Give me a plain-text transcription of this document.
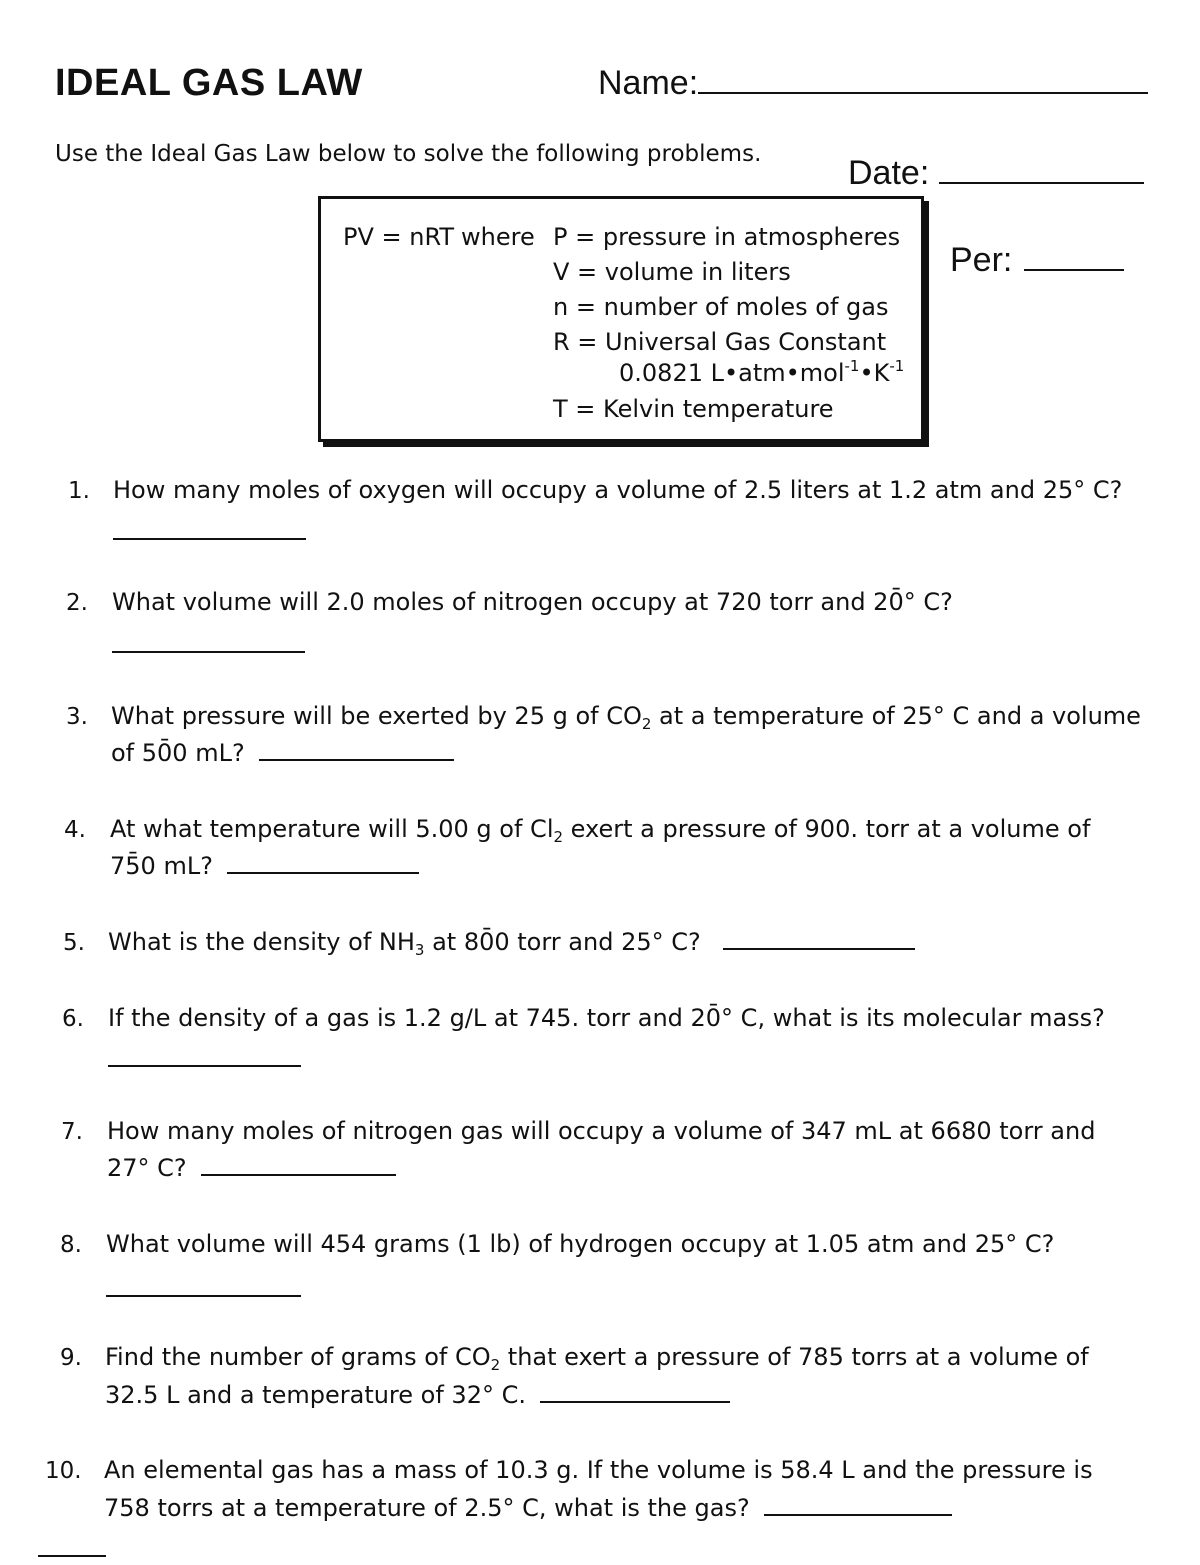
IDEAL GAS LAW	Name:
Use the Ideal Gas Law below to solve the following problems.	Date:
Per:
PV = nRT where P = pressure in atmospheres
V = volume in liters
n = number of moles of gas
R = Universal Gas Constant
0.0821 $L•atm•mol^{-1}•K^{-1}$
T = Kelvin temperature
1. How many moles of oxygen will occupy a volume of 2.5 liters at 1.2 atm and 25° C?
2. What volume will 2.0 moles of nitrogen occupy at 720 torr and 20̄° C?
3. What pressure will be exerted by 25 g of $CO_2$ at a temperature of 25° C and a volume
of 50̄0 mL?
4. At what temperature will 5.00 g of $Cl_2$ exert a pressure of 900. torr at a volume of
75̄0 mL?
5. What is the density of $NH_3$ at 80̄0 torr and 25° C?
6. If the density of a gas is 1.2 g/L at 745. torr and 20̄° C, what is its molecular mass?
7. How many moles of nitrogen gas will occupy a volume of 347 mL at 6680 torr and
27° C?
8. What volume will 454 grams (1 lb) of hydrogen occupy at 1.05 atm and 25° C?
9. Find the number of grams of $CO_2$ that exert a pressure of 785 torrs at a volume of
32.5 L and a temperature of 32° C.
10. An elemental gas has a mass of 10.3 g. If the volume is 58.4 L and the pressure is
758 torrs at a temperature of 2.5° C, what is the gas?
